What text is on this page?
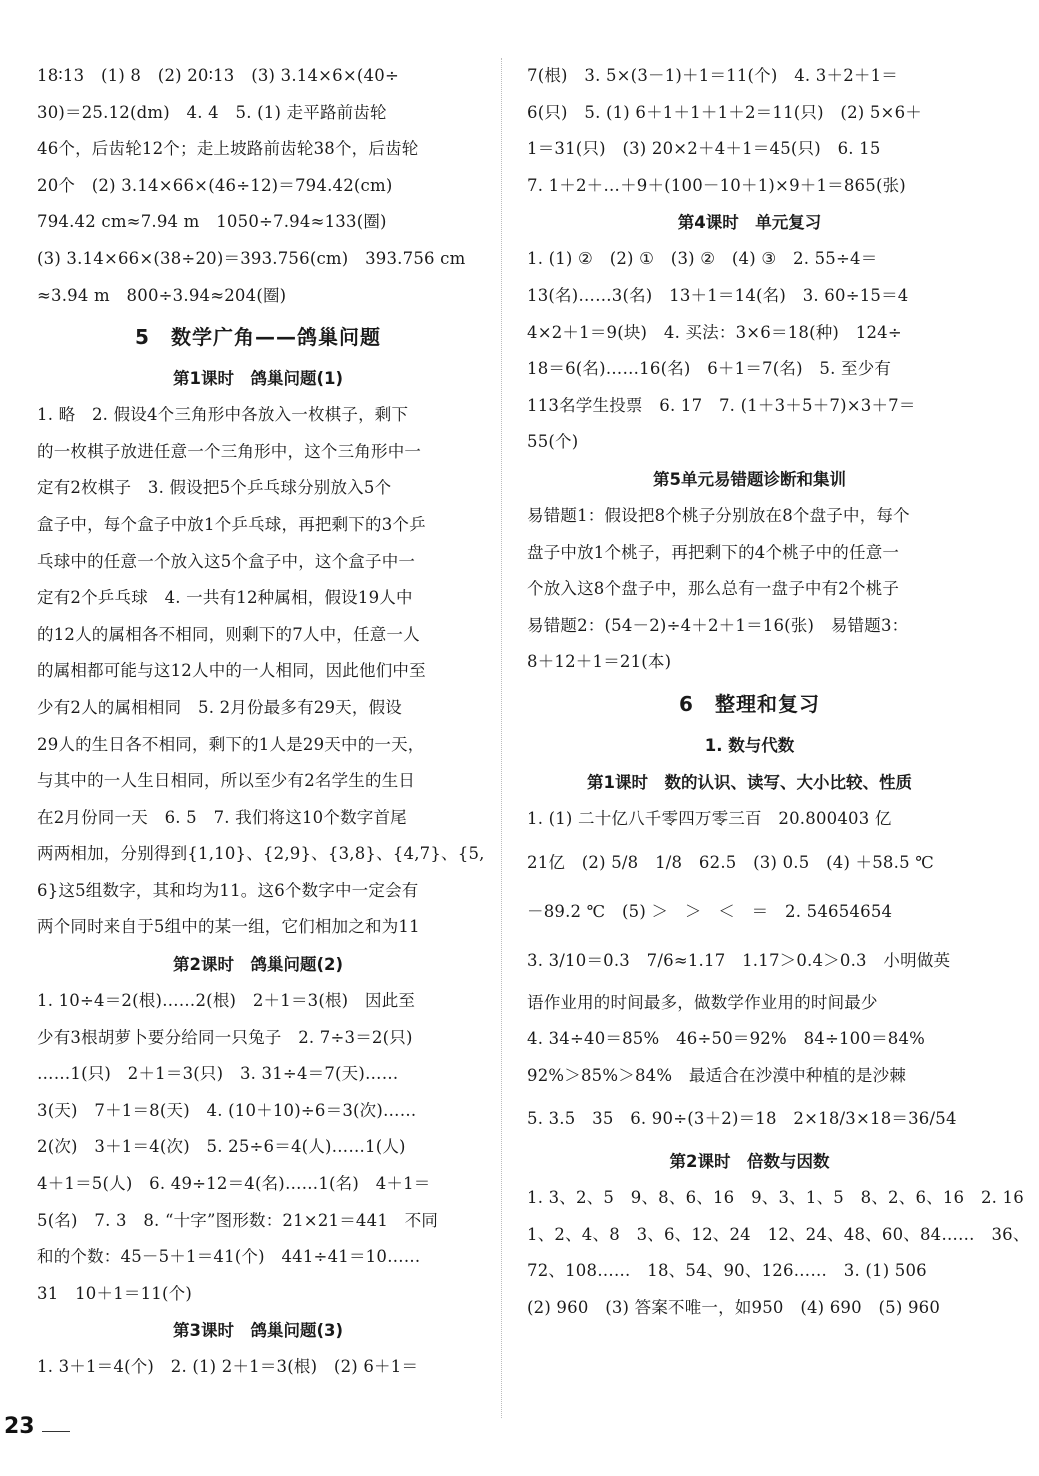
18∶13　(1) 8　(2) 20∶13　(3) 3.14×6×(40÷
30)＝25.12(dm)　4. 4　5. (1) 走平路前齿轮
46个，后齿轮12个；走上坡路前齿轮38个，后齿轮
20个　(2) 3.14×66×(46÷12)＝794.42(cm)
794.42 cm≈7.94 m　1050÷7.94≈133(圈)
(3) 3.14×66×(38÷20)＝393.756(cm)　393.756 cm
≈3.94 m　800÷3.94≈204(圈)
5　数学广角——鸽巢问题
第1课时　鸽巢问题(1)
1. 略　2. 假设4个三角形中各放入一枚棋子，剩下
的一枚棋子放进任意一个三角形中，这个三角形中一
定有2枚棋子　3. 假设把5个乒乓球分别放入5个
盒子中，每个盒子中放1个乒乓球，再把剩下的3个乒
乓球中的任意一个放入这5个盒子中，这个盒子中一
定有2个乒乓球　4. 一共有12种属相，假设19人中
的12人的属相各不相同，则剩下的7人中，任意一人
的属相都可能与这12人中的一人相同，因此他们中至
少有2人的属相相同　5. 2月份最多有29天，假设
29人的生日各不相同，剩下的1人是29天中的一天，
与其中的一人生日相同，所以至少有2名学生的生日
在2月份同一天　6. 5　7. 我们将这10个数字首尾
两两相加，分别得到{1,10}、{2,9}、{3,8}、{4,7}、{5,
6}这5组数字，其和均为11。这6个数字中一定会有
两个同时来自于5组中的某一组，它们相加之和为11
第2课时　鸽巢问题(2)
1. 10÷4＝2(根)……2(根)　2＋1＝3(根)　因此至
少有3根胡萝卜要分给同一只兔子　2. 7÷3＝2(只)
……1(只)　2＋1＝3(只)　3. 31÷4＝7(天)……
3(天)　7＋1＝8(天)　4. (10＋10)÷6＝3(次)……
2(次)　3＋1＝4(次)　5. 25÷6＝4(人)……1(人)
4＋1＝5(人)　6. 49÷12＝4(名)……1(名)　4＋1＝
5(名)　7. 3　8. “十字”图形数：21×21＝441　不同
和的个数：45－5＋1＝41(个)　441÷41＝10……
31　10＋1＝11(个)
第3课时　鸽巢问题(3)
1. 3＋1＝4(个)　2. (1) 2＋1＝3(根)　(2) 6＋1＝
7(根)　3. 5×(3－1)＋1＝11(个)　4. 3＋2＋1＝
6(只)　5. (1) 6＋1＋1＋1＋2＝11(只)　(2) 5×6＋
1＝31(只)　(3) 20×2＋4＋1＝45(只)　6. 15
7. 1＋2＋…＋9＋(100－10＋1)×9＋1＝865(张)
第4课时　单元复习
1. (1) ②　(2) ①　(3) ②　(4) ③　2. 55÷4＝
13(名)……3(名)　13＋1＝14(名)　3. 60÷15＝4
4×2＋1＝9(块)　4. 买法：3×6＝18(种)　124÷
18＝6(名)……16(名)　6＋1＝7(名)　5. 至少有
113名学生投票　6. 17　7. (1＋3＋5＋7)×3＋7＝
55(个)
第5单元易错题诊断和集训
易错题1：假设把8个桃子分别放在8个盘子中，每个
盘子中放1个桃子，再把剩下的4个桃子中的任意一
个放入这8个盘子中，那么总有一盘子中有2个桃子
易错题2：(54－2)÷4＋2＋1＝16(张)　易错题3：
8＋12＋1＝21(本)
6　整理和复习
1. 数与代数
第1课时　数的认识、读写、大小比较、性质
1. (1) 二十亿八千零四万零三百　20.800403 亿
21亿　(2) 5/8　1/8　62.5　(3) 0.5　(4) ＋58.5 ℃
－89.2 ℃　(5) ＞　＞　＜　＝　2. 54654654
3. 3/10＝0.3　7/6≈1.17　1.17＞0.4＞0.3　小明做英
语作业用的时间最多，做数学作业用的时间最少
4. 34÷40＝85%　46÷50＝92%　84÷100＝84%
92%＞85%＞84%　最适合在沙漠中种植的是沙棘
5. 3.5　35　6. 90÷(3＋2)＝18　2×18/3×18＝36/54
第2课时　倍数与因数
1. 3、2、5　9、8、6、16　9、3、1、5　8、2、6、16　2. 16
1、2、4、8　3、6、12、24　12、24、48、60、84……　36、
72、108……　18、54、90、126……　3. (1) 506
(2) 960　(3) 答案不唯一，如950　(4) 690　(5) 960
23
